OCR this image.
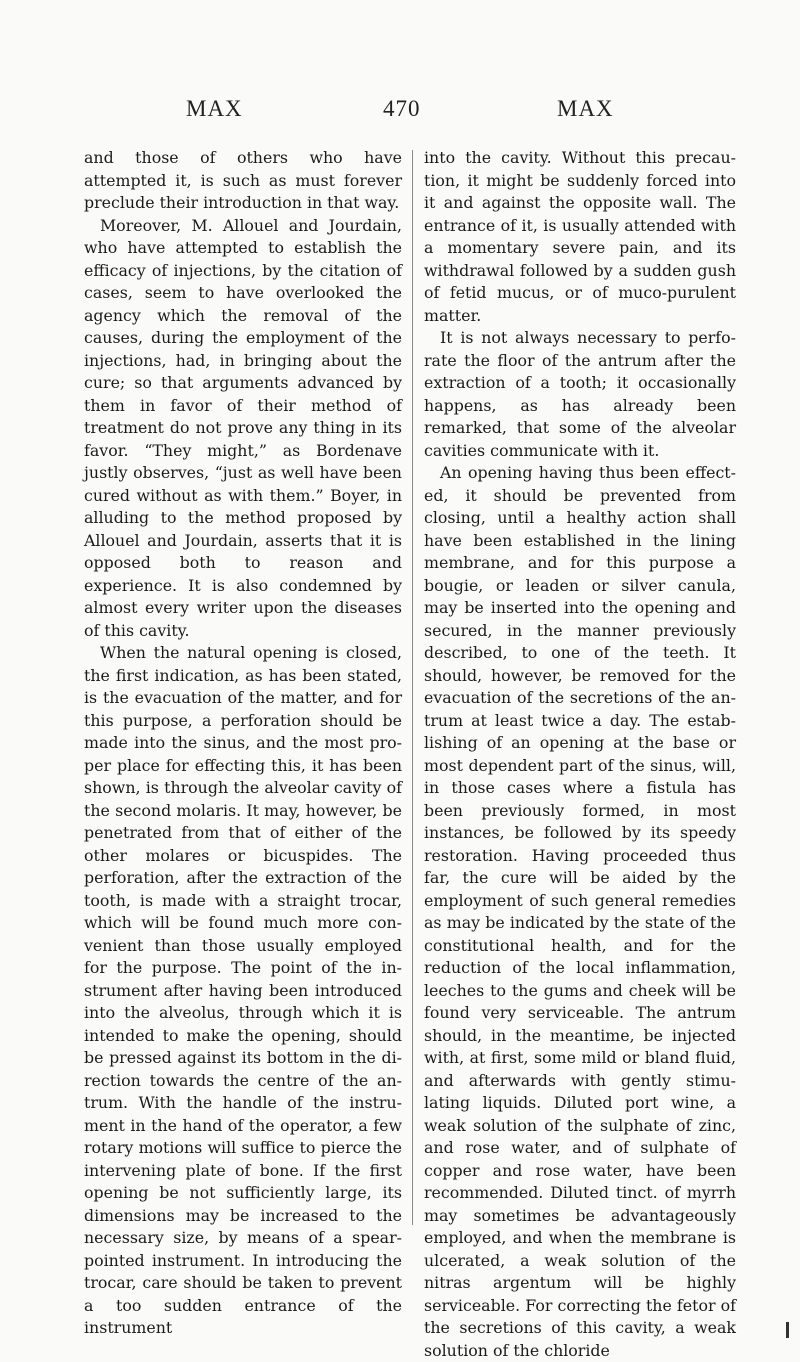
MAX	470	MAX

and those of others who have attempted it, is such as must forever preclude their introduction in that way.

Moreover, M. Allouel and Jourdain, who have attempted to establish the efficacy of injections, by the citation of cases, seem to have overlooked the agency which the removal of the causes, during the employment of the injections, had, in bringing about the cure; so that arguments advanced by them in favor of their method of treatment do not prove any thing in its favor. “They might,” as Bordenave justly observes, “just as well have been cured without as with them.” Boyer, in alluding to the method proposed by Allouel and Jourdain, asserts that it is opposed both to reason and experience. It is also condemned by almost every writer upon the diseases of this cavity.

When the natural opening is closed, the first indication, as has been stated, is the evacuation of the matter, and for this purpose, a perforation should be made into the sinus, and the most proper place for effecting this, it has been shown, is through the alveolar cavity of the second molaris. It may, however, be penetrated from that of either of the other molares or bicuspides. The perforation, after the extraction of the tooth, is made with a straight trocar, which will be found much more convenient than those usually employed for the purpose. The point of the instrument after having been introduced into the alveolus, through which it is intended to make the opening, should be pressed against its bottom in the direction towards the centre of the antrum. With the handle of the instrument in the hand of the operator, a few rotary motions will suffice to pierce the intervening plate of bone. If the first opening be not sufficiently large, its dimensions may be increased to the necessary size, by means of a spear-pointed instrument. In introducing the trocar, care should be taken to prevent a too sudden entrance of the instrument

into the cavity. Without this precaution, it might be suddenly forced into it and against the opposite wall. The entrance of it, is usually attended with a momentary severe pain, and its withdrawal followed by a sudden gush of fetid mucus, or of muco-purulent matter.

It is not always necessary to perforate the floor of the antrum after the extraction of a tooth; it occasionally happens, as has already been remarked, that some of the alveolar cavities communicate with it.

An opening having thus been effected, it should be prevented from closing, until a healthy action shall have been established in the lining membrane, and for this purpose a bougie, or leaden or silver canula, may be inserted into the opening and secured, in the manner previously described, to one of the teeth. It should, however, be removed for the evacuation of the secretions of the antrum at least twice a day. The establishing of an opening at the base or most dependent part of the sinus, will, in those cases where a fistula has been previously formed, in most instances, be followed by its speedy restoration. Having proceeded thus far, the cure will be aided by the employment of such general remedies as may be indicated by the state of the constitutional health, and for the reduction of the local inflammation, leeches to the gums and cheek will be found very serviceable. The antrum should, in the meantime, be injected with, at first, some mild or bland fluid, and afterwards with gently stimulating liquids. Diluted port wine, a weak solution of the sulphate of zinc, and rose water, and of sulphate of copper and rose water, have been recommended. Diluted tinct. of myrrh may sometimes be advantageously employed, and when the membrane is ulcerated, a weak solution of the nitras argentum will be highly serviceable. For correcting the fetor of the secretions of this cavity, a weak solution of the chloride
